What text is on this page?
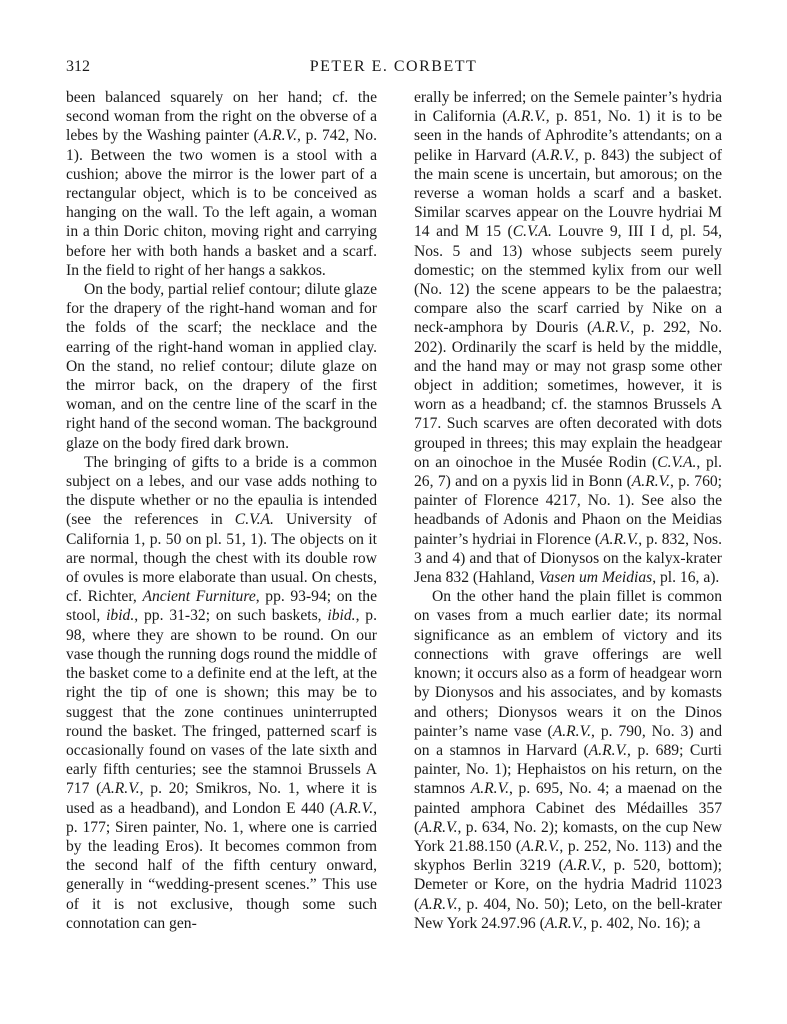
312	PETER E. CORBETT

been balanced squarely on her hand; cf. the second woman from the right on the obverse of a lebes by the Washing painter (A.R.V., p. 742, No. 1). Between the two women is a stool with a cushion; above the mirror is the lower part of a rectangular object, which is to be conceived as hanging on the wall. To the left again, a woman in a thin Doric chiton, moving right and carrying before her with both hands a basket and a scarf. In the field to right of her hangs a sakkos.

On the body, partial relief contour; dilute glaze for the drapery of the right-hand woman and for the folds of the scarf; the necklace and the earring of the right-hand woman in applied clay. On the stand, no relief contour; dilute glaze on the mirror back, on the drapery of the first woman, and on the centre line of the scarf in the right hand of the second woman. The background glaze on the body fired dark brown.

The bringing of gifts to a bride is a common subject on a lebes, and our vase adds nothing to the dispute whether or no the epaulia is intended (see the references in C.V.A. University of California 1, p. 50 on pl. 51, 1). The objects on it are normal, though the chest with its double row of ovules is more elaborate than usual. On chests, cf. Richter, Ancient Furniture, pp. 93-94; on the stool, ibid., pp. 31-32; on such baskets, ibid., p. 98, where they are shown to be round. On our vase though the running dogs round the middle of the basket come to a definite end at the left, at the right the tip of one is shown; this may be to suggest that the zone continues uninterrupted round the basket. The fringed, patterned scarf is occasionally found on vases of the late sixth and early fifth centuries; see the stamnoi Brussels A 717 (A.R.V., p. 20; Smikros, No. 1, where it is used as a headband), and London E 440 (A.R.V., p. 177; Siren painter, No. 1, where one is carried by the leading Eros). It becomes common from the second half of the fifth century onward, generally in “wedding-present scenes.” This use of it is not exclusive, though some such connotation can gen-

erally be inferred; on the Semele painter’s hydria in California (A.R.V., p. 851, No. 1) it is to be seen in the hands of Aphrodite’s attendants; on a pelike in Harvard (A.R.V., p. 843) the subject of the main scene is uncertain, but amorous; on the reverse a woman holds a scarf and a basket. Similar scarves appear on the Louvre hydriai M 14 and M 15 (C.V.A. Louvre 9, III I d, pl. 54, Nos. 5 and 13) whose subjects seem purely domestic; on the stemmed kylix from our well (No. 12) the scene appears to be the palaestra; compare also the scarf carried by Nike on a neck-amphora by Douris (A.R.V., p. 292, No. 202). Ordinarily the scarf is held by the middle, and the hand may or may not grasp some other object in addition; sometimes, however, it is worn as a headband; cf. the stamnos Brussels A 717. Such scarves are often decorated with dots grouped in threes; this may explain the headgear on an oinochoe in the Musée Rodin (C.V.A., pl. 26, 7) and on a pyxis lid in Bonn (A.R.V., p. 760; painter of Florence 4217, No. 1). See also the headbands of Adonis and Phaon on the Meidias painter’s hydriai in Florence (A.R.V., p. 832, Nos. 3 and 4) and that of Dionysos on the kalyx-krater Jena 832 (Hahland, Vasen um Meidias, pl. 16, a).

On the other hand the plain fillet is common on vases from a much earlier date; its normal significance as an emblem of victory and its connections with grave offerings are well known; it occurs also as a form of headgear worn by Dionysos and his associates, and by komasts and others; Dionysos wears it on the Dinos painter’s name vase (A.R.V., p. 790, No. 3) and on a stamnos in Harvard (A.R.V., p. 689; Curti painter, No. 1); Hephaistos on his return, on the stamnos A.R.V., p. 695, No. 4; a maenad on the painted amphora Cabinet des Médailles 357 (A.R.V., p. 634, No. 2); komasts, on the cup New York 21.88.150 (A.R.V., p. 252, No. 113) and the skyphos Berlin 3219 (A.R.V., p. 520, bottom); Demeter or Kore, on the hydria Madrid 11023 (A.R.V., p. 404, No. 50); Leto, on the bell-krater New York 24.97.96 (A.R.V., p. 402, No. 16); a
